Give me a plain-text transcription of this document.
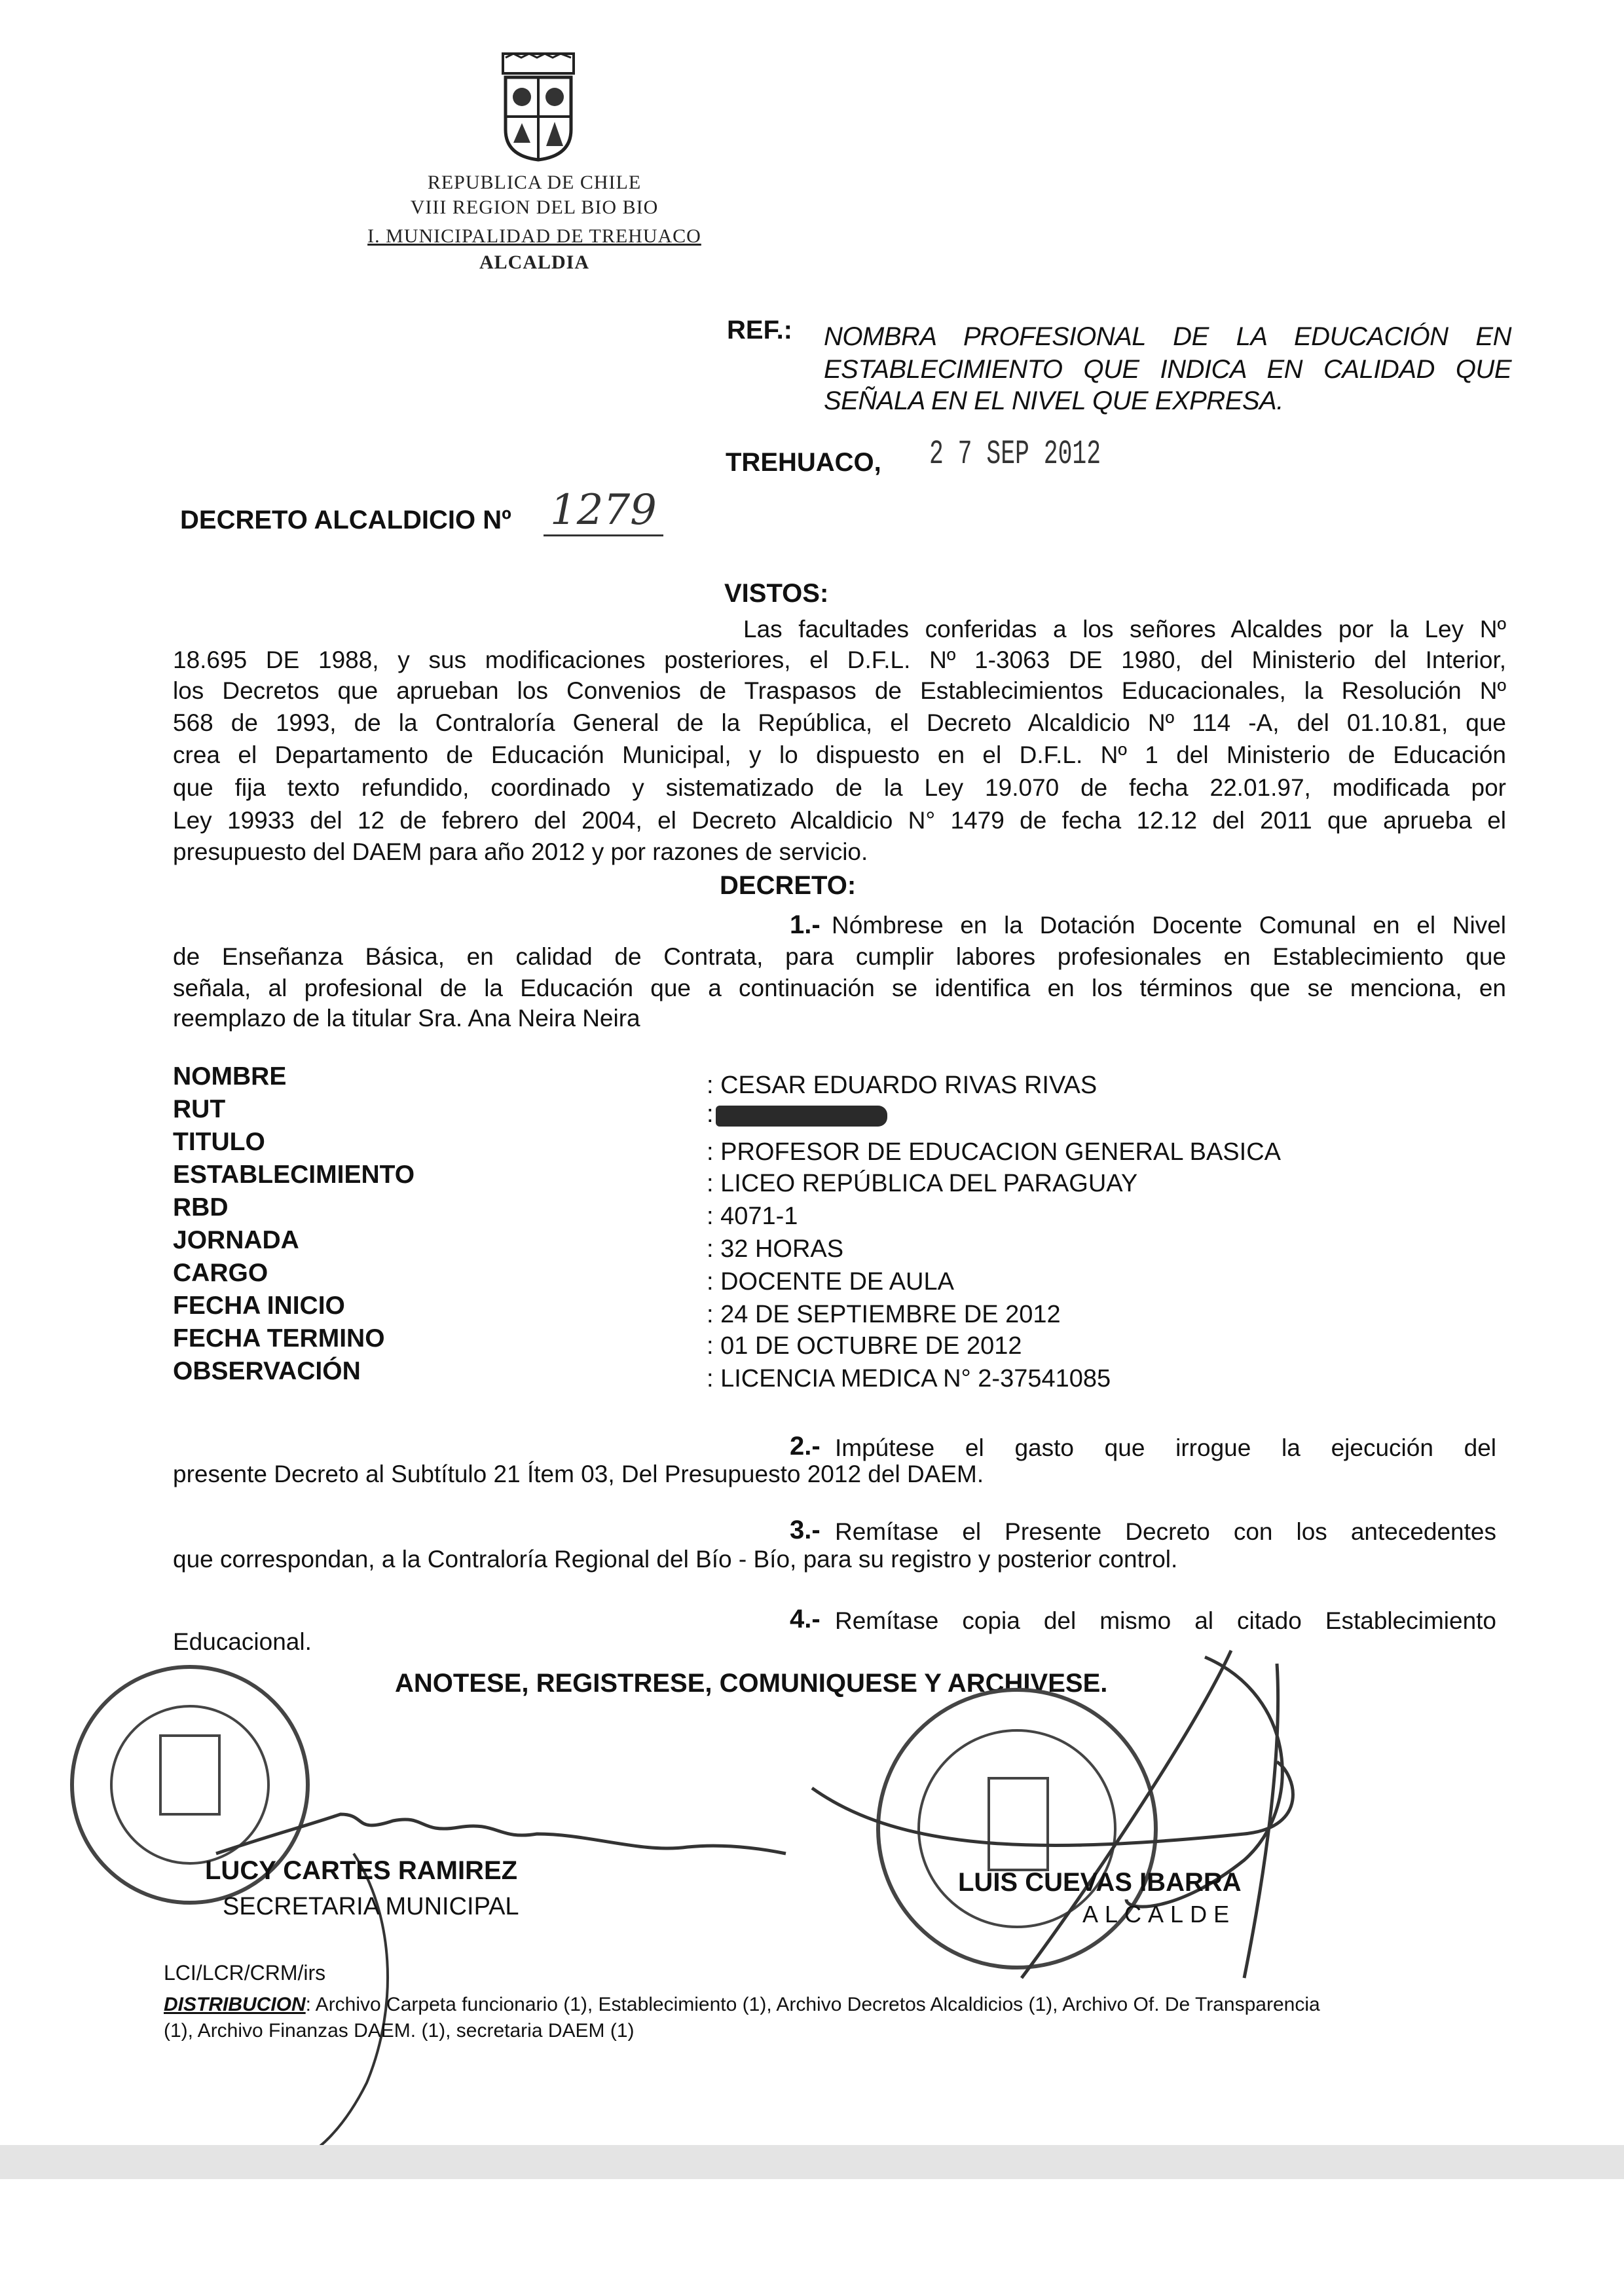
REPUBLICA DE CHILE
VIII REGION DEL BIO BIO
I. MUNICIPALIDAD DE TREHUACO
ALCALDIA
REF.: NOMBRA PROFESIONAL DE LA EDUCACIÓN EN
ESTABLECIMIENTO QUE INDICA EN CALIDAD QUE
SEÑALA EN EL NIVEL QUE EXPRESA.
TREHUACO, 2 7 SEP 2012
DECRETO ALCALDICIO Nº 1279
VISTOS:
Las facultades conferidas a los señores Alcaldes por la Ley Nº
18.695 DE 1988, y sus modificaciones posteriores, el D.F.L. Nº 1-3063 DE 1980, del Ministerio del Interior,
los Decretos que aprueban los Convenios de Traspasos de Establecimientos Educacionales, la Resolución Nº
568 de 1993, de la Contraloría General de la República, el Decreto Alcaldicio Nº 114 -A, del 01.10.81, que
crea el Departamento de Educación Municipal, y lo dispuesto en el D.F.L. Nº 1 del Ministerio de Educación
que fija texto refundido, coordinado y sistematizado de la Ley 19.070 de fecha 22.01.97, modificada por
Ley 19933 del 12 de febrero del 2004, el Decreto Alcaldicio N° 1479 de fecha 12.12 del 2011 que aprueba el
presupuesto del DAEM para año 2012 y por razones de servicio.
DECRETO:
1.- Nómbrese en la Dotación Docente Comunal en el Nivel
de Enseñanza Básica, en calidad de Contrata, para cumplir labores profesionales en Establecimiento que
señala, al profesional de la Educación que a continuación se identifica en los términos que se menciona, en
reemplazo de la titular Sra. Ana Neira Neira
NOMBRE	: CESAR EDUARDO RIVAS RIVAS
RUT	:
TITULO	: PROFESOR DE EDUCACION GENERAL BASICA
ESTABLECIMIENTO	: LICEO REPÚBLICA DEL PARAGUAY
RBD	: 4071-1
JORNADA	: 32 HORAS
CARGO	: DOCENTE DE AULA
FECHA INICIO	: 24 DE SEPTIEMBRE DE 2012
FECHA TERMINO	: 01 DE OCTUBRE DE 2012
OBSERVACIÓN	: LICENCIA MEDICA N° 2-37541085
2.- Impútese el gasto que irrogue la ejecución del
presente Decreto al Subtítulo 21 Ítem 03, Del Presupuesto 2012 del DAEM.
3.- Remítase el Presente Decreto con los antecedentes
que correspondan, a la Contraloría Regional del Bío - Bío, para su registro y posterior control.
4.- Remítase copia del mismo al citado Establecimiento
Educacional.
ANOTESE, REGISTRESE, COMUNIQUESE Y ARCHIVESE.
LUCY CARTES RAMIREZ
SECRETARIA MUNICIPAL
LUIS CUEVAS IBARRA
ALCALDE
LCI/LCR/CRM/irs
DISTRIBUCION: Archivo Carpeta funcionario (1), Establecimiento (1), Archivo Decretos Alcaldicios (1), Archivo Of. De Transparencia
(1), Archivo Finanzas DAEM. (1), secretaria DAEM (1)
